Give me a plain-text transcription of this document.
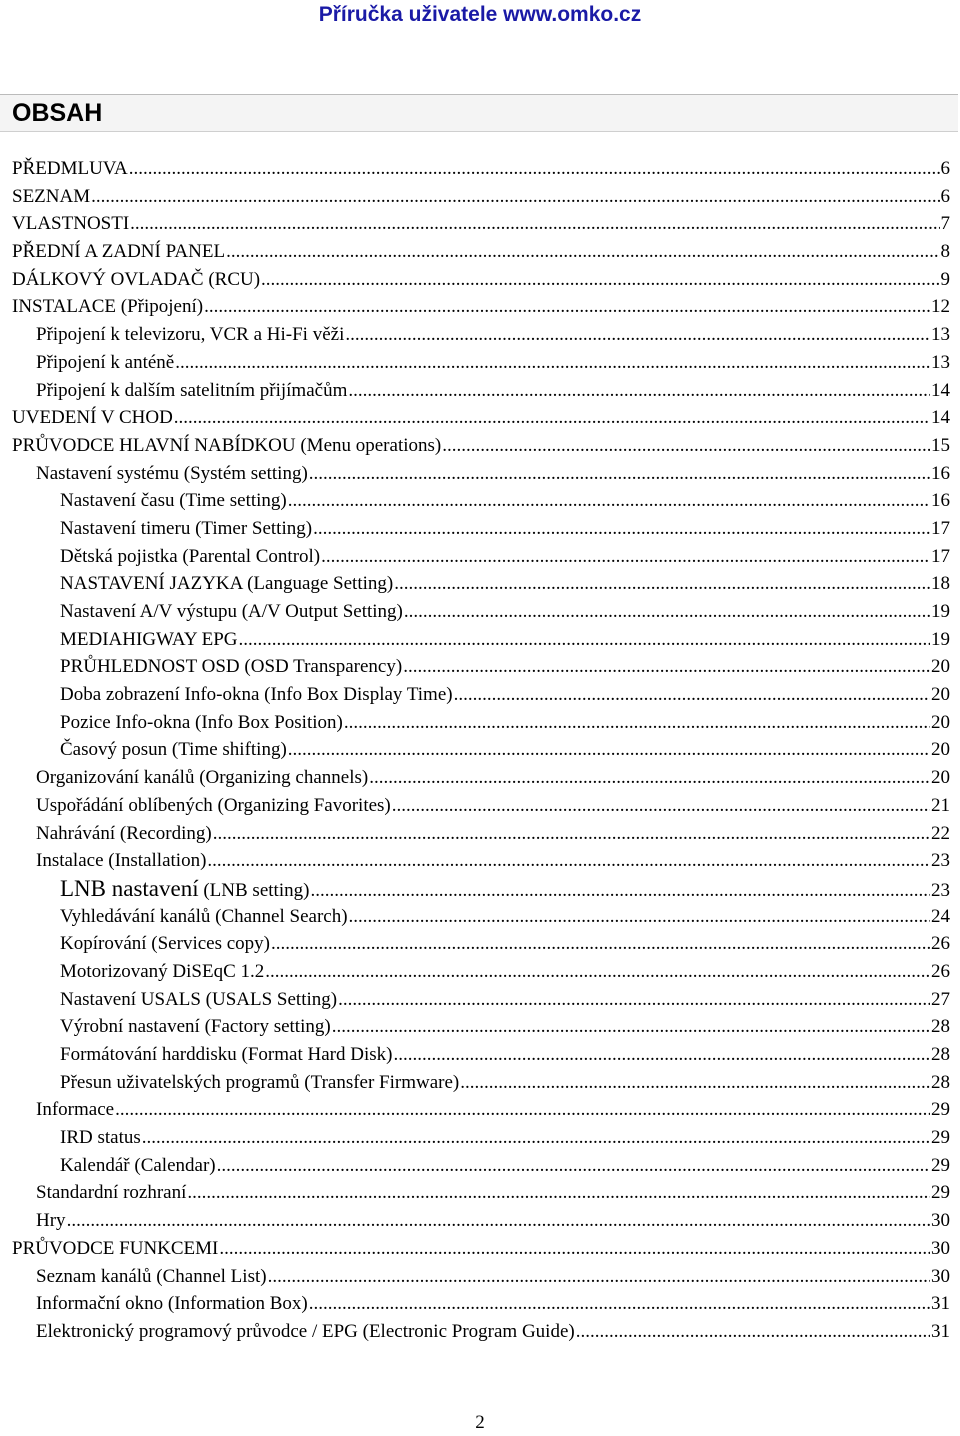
Příručka uživatele www.omko.cz
OBSAH
PŘEDMLUVA .....	6
SEZNAM .....	6
VLASTNOSTI .....	7
PŘEDNÍ A ZADNÍ PANEL .....	8
DÁLKOVÝ OVLADAČ (RCU) .....	9
INSTALACE (Připojení) .....	12
Připojení k televizoru, VCR a Hi-Fi věži .....	13
Připojení k anténě .....	13
Připojení k dalším satelitním přijímačům .....	14
UVEDENÍ V CHOD .....	14
PRŮVODCE HLAVNÍ NABÍDKOU (Menu operations) .....	15
Nastavení systému (Systém setting) .....	16
Nastavení času (Time setting) .....	16
Nastavení timeru (Timer Setting) .....	17
Dětská pojistka (Parental Control) .....	17
NASTAVENÍ JAZYKA (Language Setting) .....	18
Nastavení A/V výstupu (A/V Output Setting) .....	19
MEDIAHIGWAY EPG .....	19
PRŮHLEDNOST OSD (OSD Transparency) .....	20
Doba zobrazení Info-okna (Info Box Display Time) .....	20
Pozice Info-okna (Info Box Position) .....	20
Časový posun (Time shifting) .....	20
Organizování kanálů (Organizing channels) .....	20
Uspořádání oblíbených (Organizing Favorites) .....	21
Nahrávání (Recording) .....	22
Instalace (Installation) .....	23
LNB nastavení (LNB setting) .....	23
Vyhledávání kanálů (Channel Search) .....	24
Kopírování (Services copy) .....	26
Motorizovaný DiSEqC 1.2 .....	26
Nastavení USALS (USALS Setting) .....	27
Výrobní nastavení (Factory setting) .....	28
Formátování harddisku (Format Hard Disk) .....	28
Přesun uživatelských programů (Transfer Firmware) .....	28
Informace .....	29
IRD status .....	29
Kalendář (Calendar) .....	29
Standardní rozhraní .....	29
Hry .....	30
PRŮVODCE FUNKCEMI .....	30
Seznam kanálů (Channel List) .....	30
Informační okno (Information Box) .....	31
Elektronický programový průvodce / EPG (Electronic Program Guide) .....	31
2
